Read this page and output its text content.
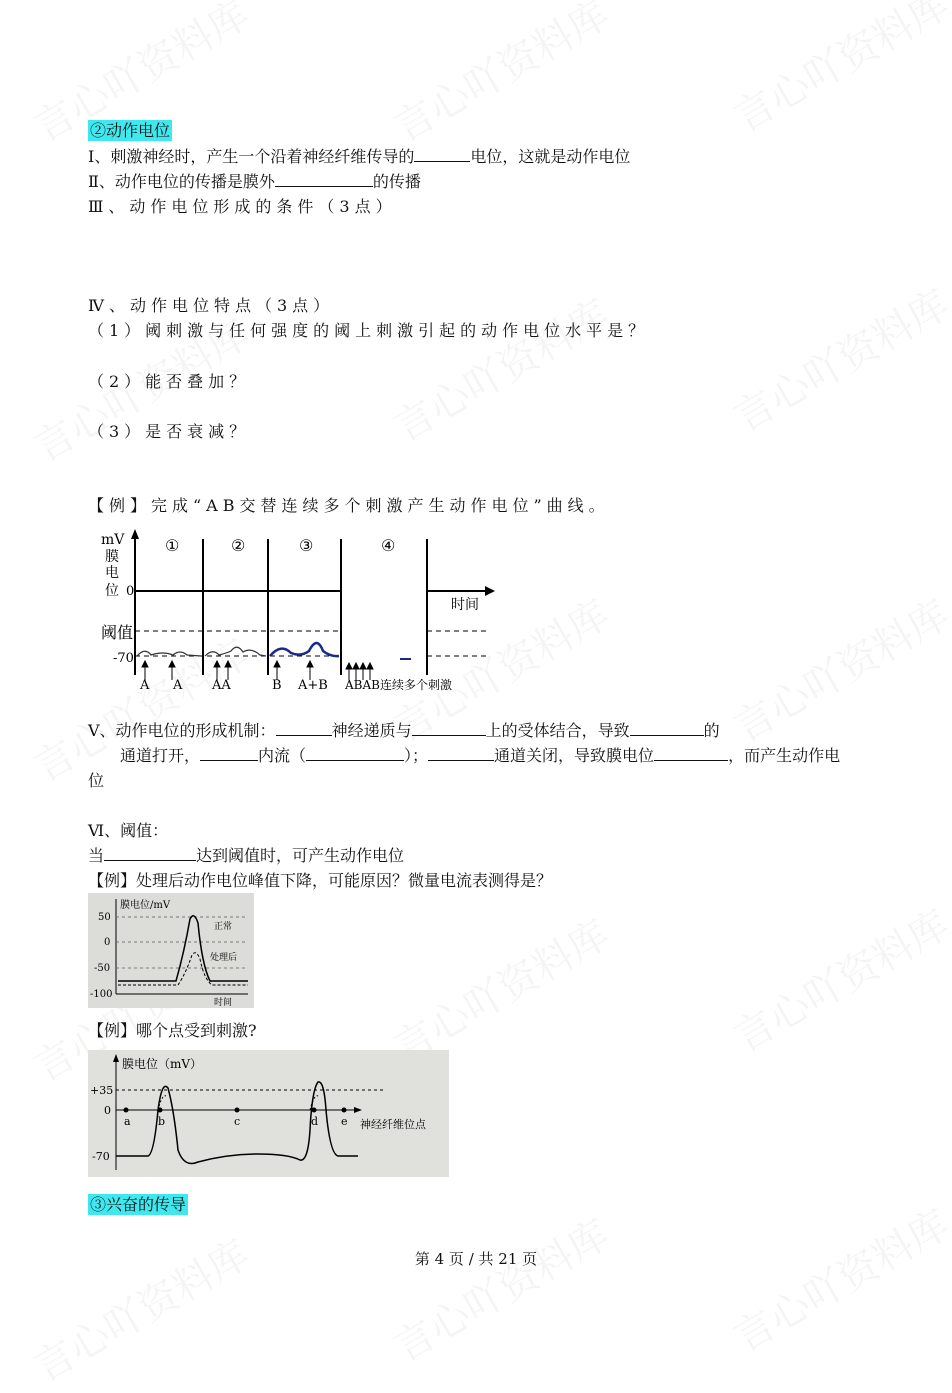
②动作电位
Ⅰ、刺激神经时，产生一个沿着神经纤维传导的	电位，这就是动作电位
Ⅱ、动作电位的传播是膜外	的传播
Ⅲ、动作电位形成的条件（3点）
Ⅳ、动作电位特点（3点）
（1）阈刺激与任何强度的阈上刺激引起的动作电位水平是？
（2）能否叠加？
（3）是否衰减？
【例】完成“AB交替连续多个刺激产生动作电位”曲线。
mV
膜
电
位 0
阈值
-70
时间
①	②	③	④
A A AA	B A+B ABAB连续多个刺激
Ⅴ、动作电位的形成机制：	神经递质与	上的受体结合，导致	的
通道打开，	内流（	）；	通道关闭，导致膜电位	，而产生动作电
位
Ⅵ、阈值：
当	达到阈值时，可产生动作电位
【例】处理后动作电位峰值下降，可能原因？微量电流表测得是？
膜电位/mV
50
0
-50
-100
正常
处理后
时间
【例】哪个点受到刺激?
膜电位（mV）
+35
0
-70
a b	c	d e 神经纤维位点
③兴奋的传导
第 4 页 / 共 21 页
